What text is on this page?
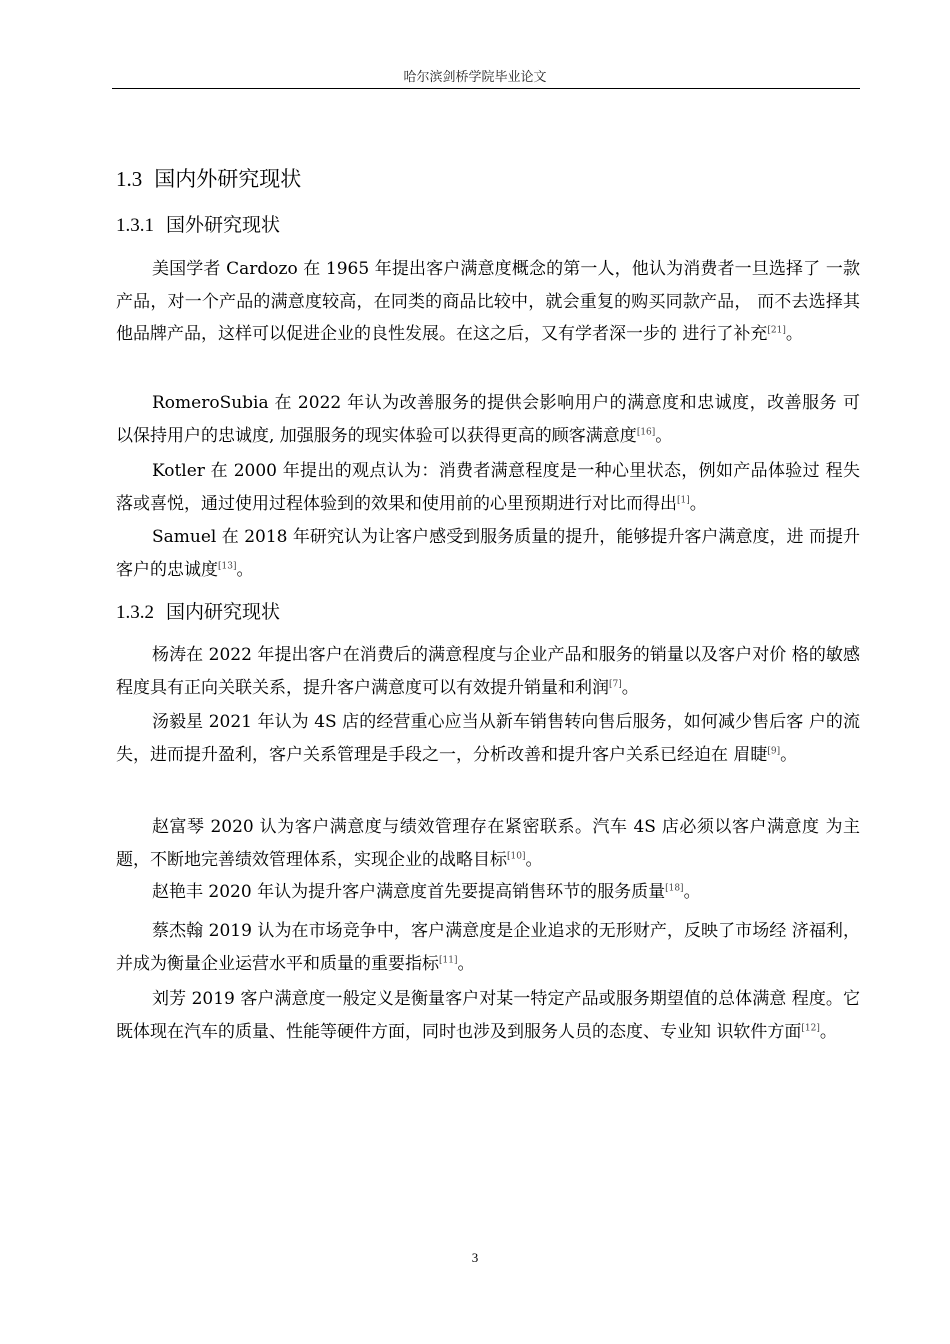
哈尔滨剑桥学院毕业论文
1.3 国内外研究现状
1.3.1 国外研究现状
美国学者 Cardozo 在 1965 年提出客户满意度概念的第一人，他认为消费者一旦选择了 一款产品，对一个产品的满意度较高，在同类的商品比较中，就会重复的购买同款产品， 而不去选择其他品牌产品，这样可以促进企业的良性发展。在这之后，又有学者深一步的 进行了补充[21]。
RomeroSubia 在 2022 年认为改善服务的提供会影响用户的满意度和忠诚度，改善服务 可以保持用户的忠诚度, 加强服务的现实体验可以获得更高的顾客满意度[16]。
Kotler 在 2000 年提出的观点认为：消费者满意程度是一种心里状态，例如产品体验过 程失落或喜悦，通过使用过程体验到的效果和使用前的心里预期进行对比而得出[1]。
Samuel 在 2018 年研究认为让客户感受到服务质量的提升，能够提升客户满意度，进 而提升客户的忠诚度[13]。
1.3.2 国内研究现状
杨涛在 2022 年提出客户在消费后的满意程度与企业产品和服务的销量以及客户对价 格的敏感程度具有正向关联关系，提升客户满意度可以有效提升销量和利润[7]。
汤毅星 2021 年认为 4S 店的经营重心应当从新车销售转向售后服务，如何减少售后客 户的流失，进而提升盈利，客户关系管理是手段之一，分析改善和提升客户关系已经迫在 眉睫[9]。
赵富琴 2020 认为客户满意度与绩效管理存在紧密联系。汽车 4S 店必须以客户满意度 为主题，不断地完善绩效管理体系，实现企业的战略目标[10]。
赵艳丰 2020 年认为提升客户满意度首先要提高销售环节的服务质量[18]。
蔡杰翰 2019 认为在市场竞争中，客户满意度是企业追求的无形财产，反映了市场经 济福利，并成为衡量企业运营水平和质量的重要指标[11]。
刘芳 2019 客户满意度一般定义是衡量客户对某一特定产品或服务期望值的总体满意 程度。它既体现在汽车的质量、性能等硬件方面，同时也涉及到服务人员的态度、专业知 识软件方面[12]。
3
